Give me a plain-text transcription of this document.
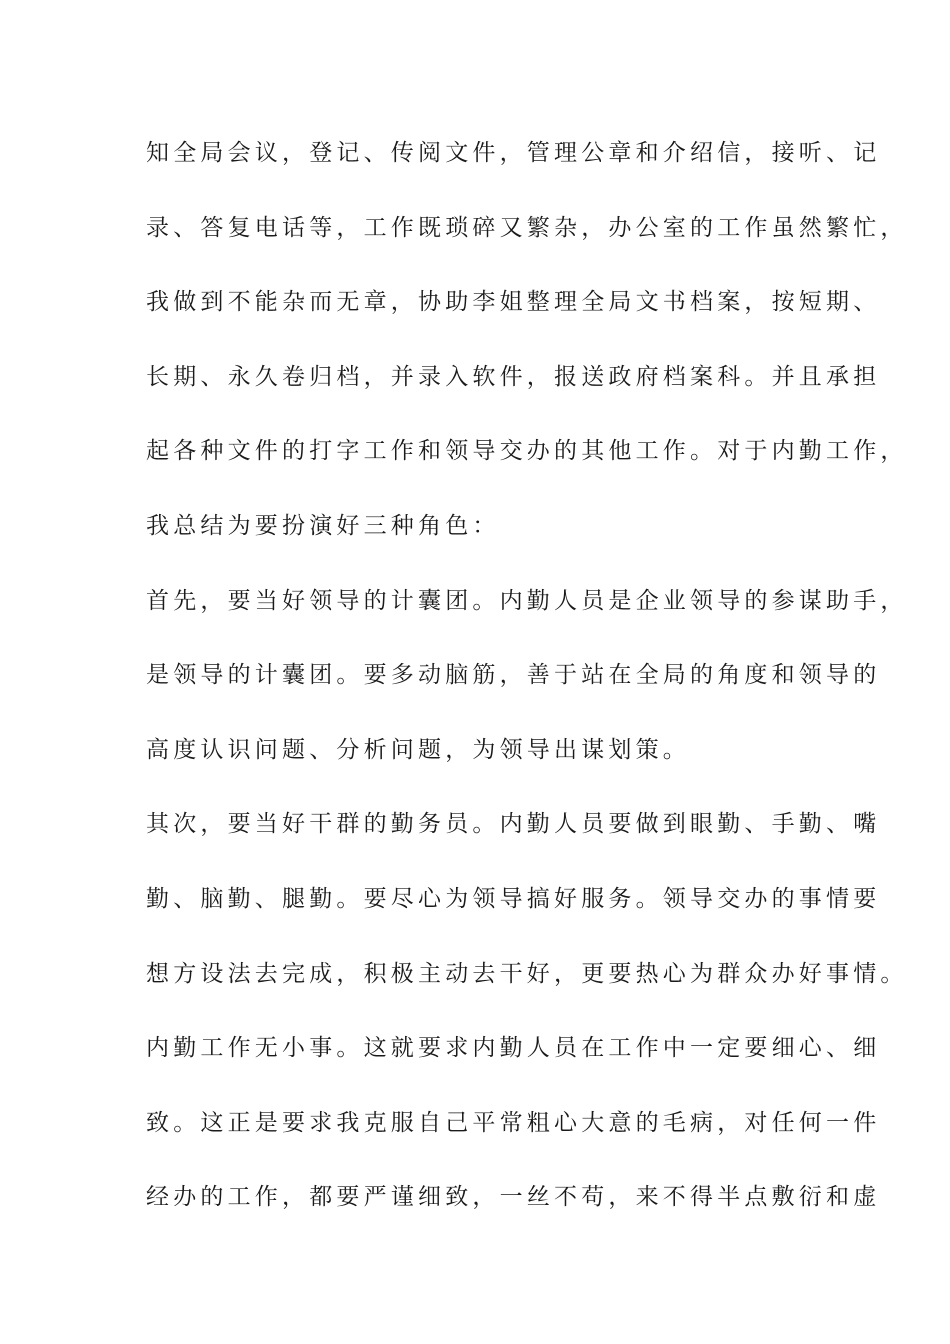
知全局会议，登记、传阅文件，管理公章和介绍信，接听、记
录、答复电话等，工作既琐碎又繁杂，办公室的工作虽然繁忙，
我做到不能杂而无章，协助李姐整理全局文书档案，按短期、
长期、永久卷归档，并录入软件，报送政府档案科。并且承担
起各种文件的打字工作和领导交办的其他工作。对于内勤工作，
我总结为要扮演好三种角色：
首先，要当好领导的计囊团。内勤人员是企业领导的参谋助手，
是领导的计囊团。要多动脑筋，善于站在全局的角度和领导的
高度认识问题、分析问题，为领导出谋划策。
其次，要当好干群的勤务员。内勤人员要做到眼勤、手勤、嘴
勤、脑勤、腿勤。要尽心为领导搞好服务。领导交办的事情要
想方设法去完成，积极主动去干好，更要热心为群众办好事情。
内勤工作无小事。这就要求内勤人员在工作中一定要细心、细
致。这正是要求我克服自己平常粗心大意的毛病，对任何一件
经办的工作，都要严谨细致，一丝不苟，来不得半点敷衍和虚
